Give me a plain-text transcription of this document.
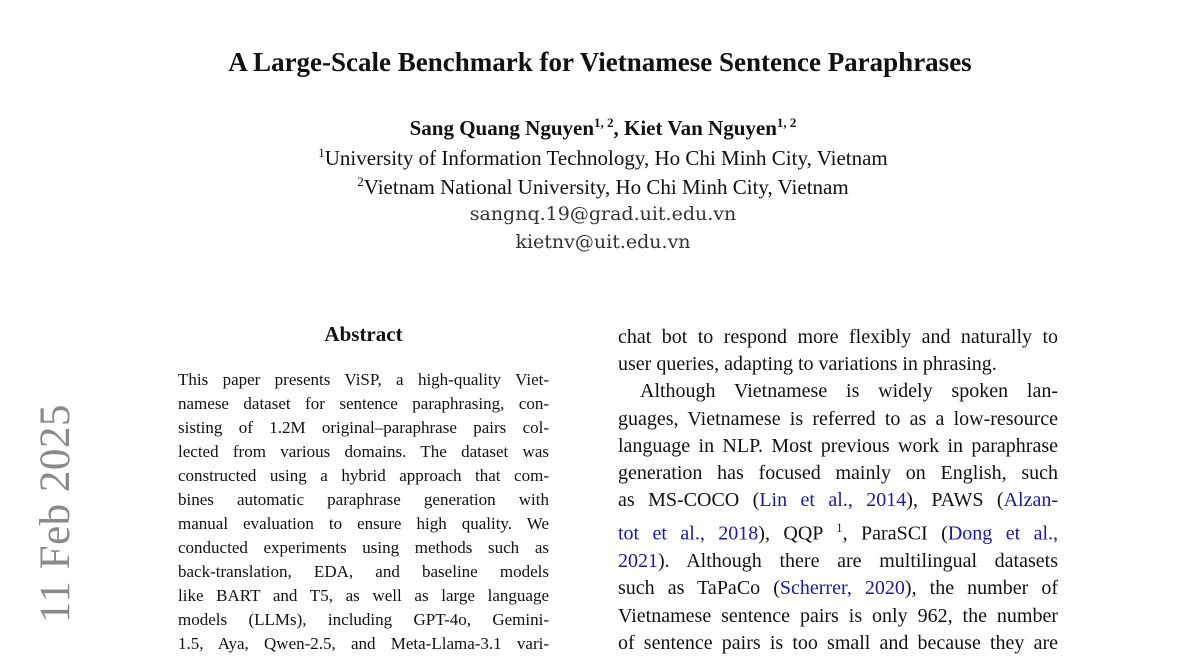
11 Feb 2025
A Large-Scale Benchmark for Vietnamese Sentence Paraphrases
Sang Quang Nguyen$^{1, 2}$, Kiet Van Nguyen$^{1, 2}$
$^1$University of Information Technology, Ho Chi Minh City, Vietnam
$^2$Vietnam National University, Ho Chi Minh City, Vietnam
sangnq.19@grad.uit.edu.vn
kietnv@uit.edu.vn
Abstract
This paper presents ViSP, a high-quality Viet-
namese dataset for sentence paraphrasing, con-
sisting of 1.2M original–paraphrase pairs col-
lected from various domains. The dataset was
constructed using a hybrid approach that com-
bines automatic paraphrase generation with
manual evaluation to ensure high quality. We
conducted experiments using methods such as
back-translation, EDA, and baseline models
like BART and T5, as well as large language
models (LLMs), including GPT-4o, Gemini-
1.5, Aya, Qwen-2.5, and Meta-Llama-3.1 vari-
chat bot to respond more flexibly and naturally to
user queries, adapting to variations in phrasing.
Although Vietnamese is widely spoken lan-
guages, Vietnamese is referred to as a low-resource
language in NLP. Most previous work in paraphrase
generation has focused mainly on English, such
as MS-COCO (Lin et al., 2014), PAWS (Alzan-
tot et al., 2018), QQP $^1$, ParaSCI (Dong et al.,
2021). Although there are multilingual datasets
such as TaPaCo (Scherrer, 2020), the number of
Vietnamese sentence pairs is only 962, the number
of sentence pairs is too small and because they are
